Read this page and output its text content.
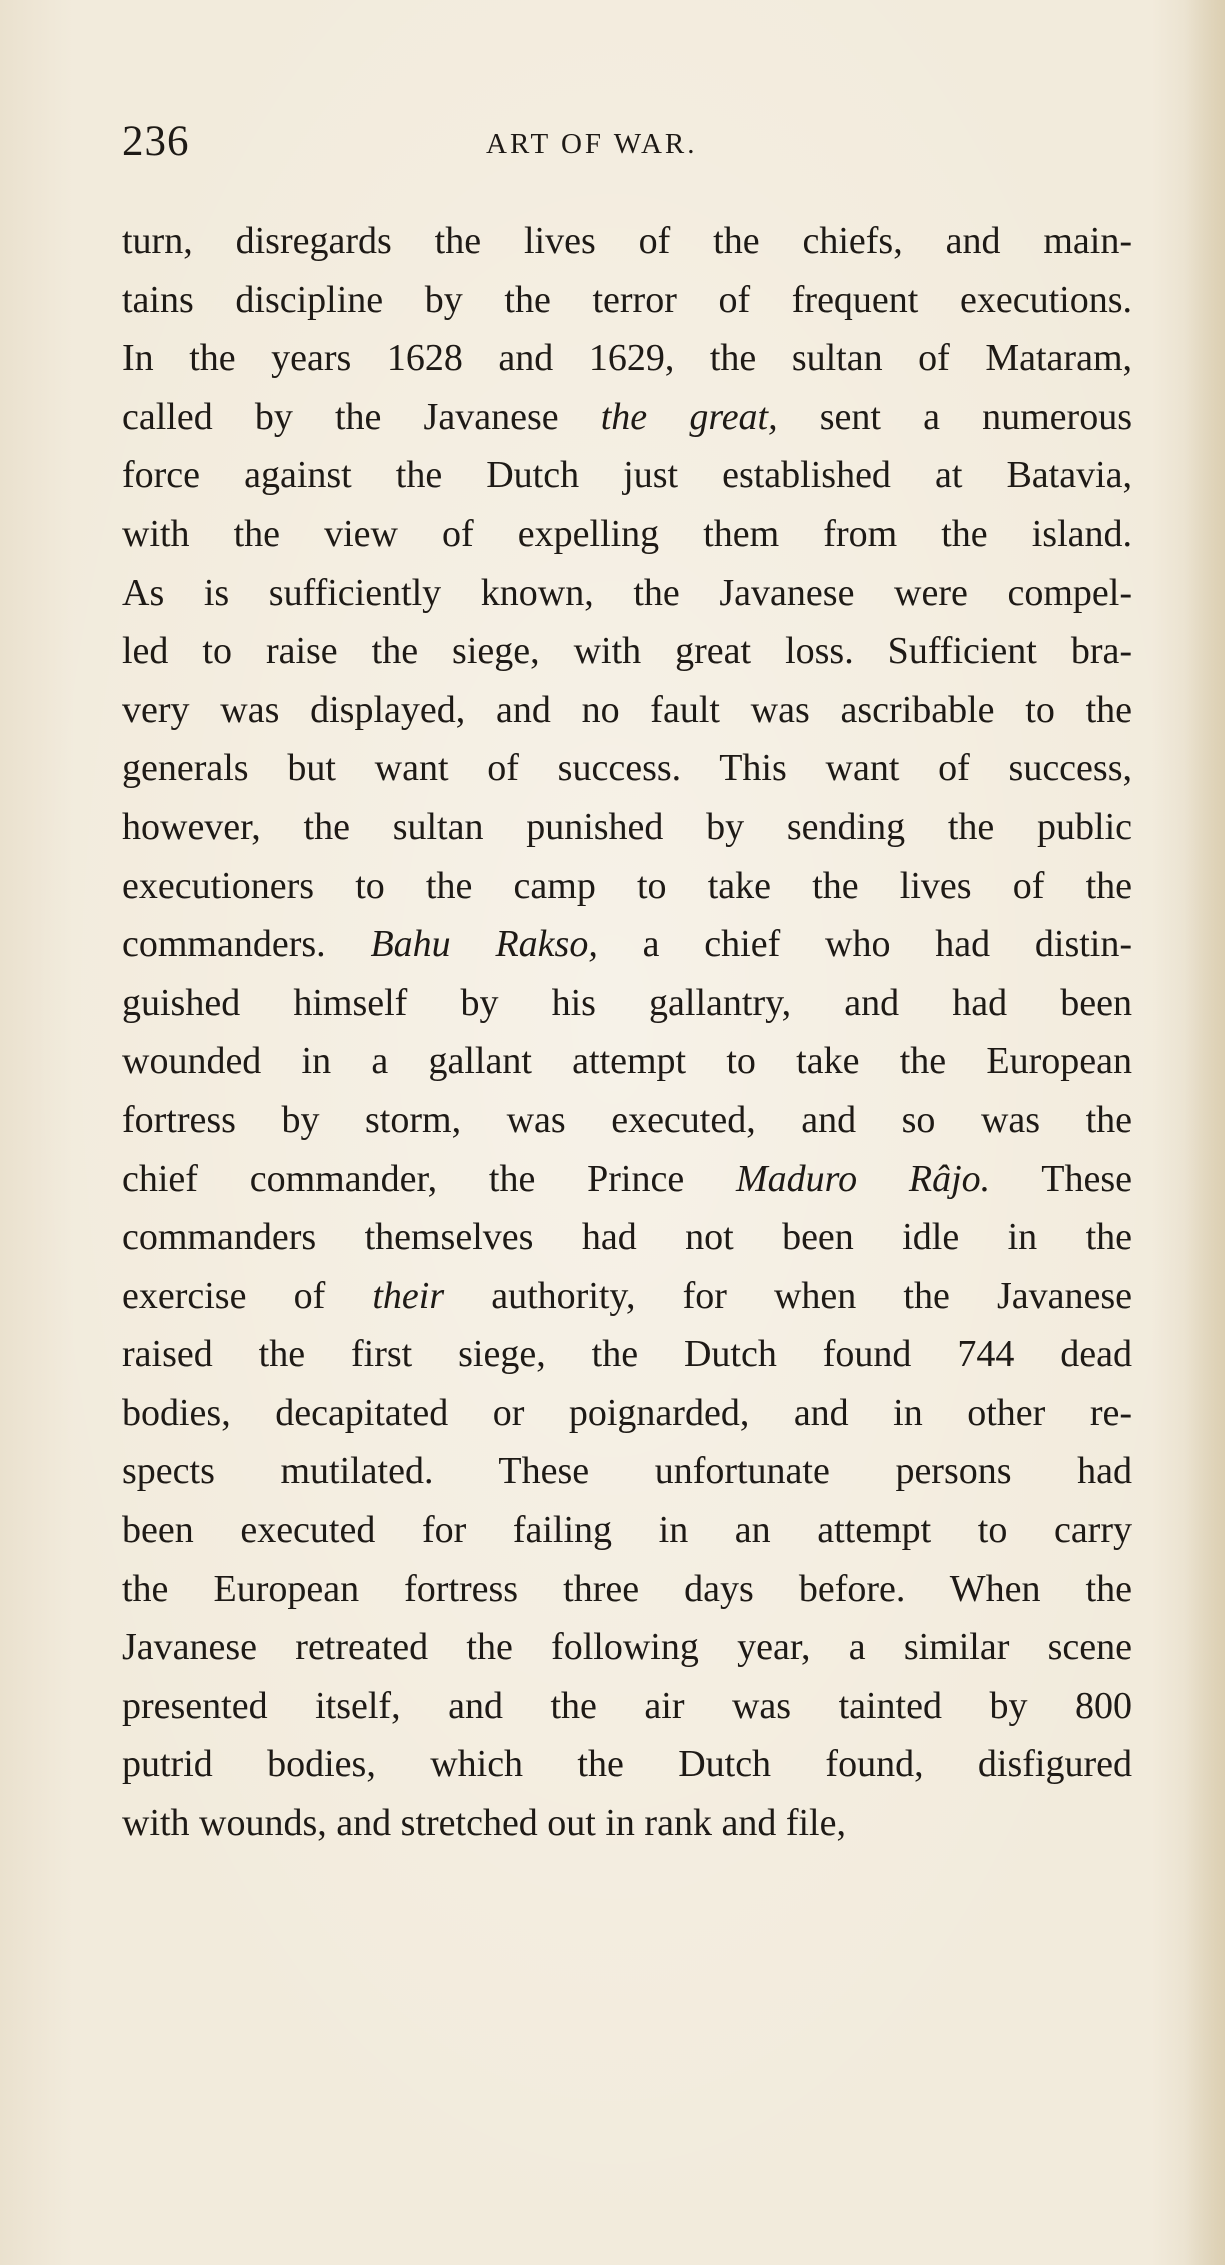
236	ART OF WAR.
turn, disregards the lives of the chiefs, and main-
tains discipline by the terror of frequent executions.
In the years 1628 and 1629, the sultan of Mataram,
called by the Javanese the great, sent a numerous
force against the Dutch just established at Batavia,
with the view of expelling them from the island.
As is sufficiently known, the Javanese were compel-
led to raise the siege, with great loss. Sufficient bra-
very was displayed, and no fault was ascribable to the
generals but want of success. This want of success,
however, the sultan punished by sending the public
executioners to the camp to take the lives of the
commanders. Bahu Rakso, a chief who had distin-
guished himself by his gallantry, and had been
wounded in a gallant attempt to take the European
fortress by storm, was executed, and so was the
chief commander, the Prince Maduro Râjo. These
commanders themselves had not been idle in the
exercise of their authority, for when the Javanese
raised the first siege, the Dutch found 744 dead
bodies, decapitated or poignarded, and in other re-
spects mutilated. These unfortunate persons had
been executed for failing in an attempt to carry
the European fortress three days before. When the
Javanese retreated the following year, a similar scene
presented itself, and the air was tainted by 800
putrid bodies, which the Dutch found, disfigured
with wounds, and stretched out in rank and file,
